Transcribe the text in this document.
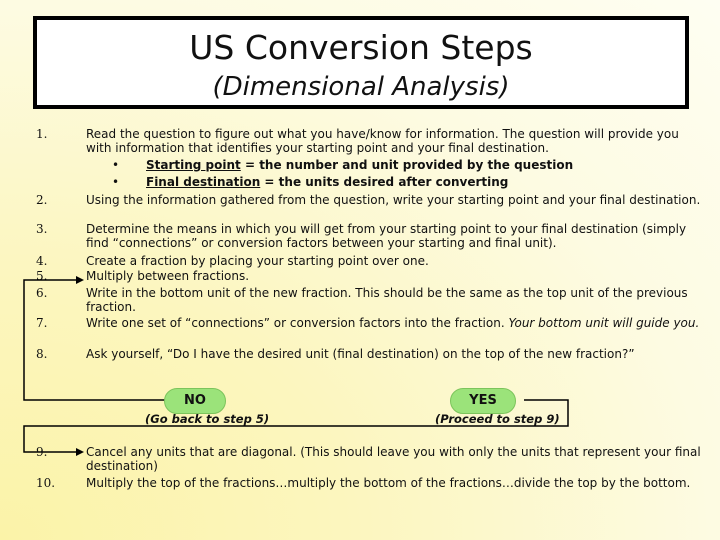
US Conversion Steps
(Dimensional Analysis)
1.	Read the question to figure out what you have/know for information. The question will provide you with information that identifies your starting point and your final destination.
• Starting point = the number and unit provided by the question
• Final destination = the units desired after converting
2.	Using the information gathered from the question, write your starting point and your final destination.
3.	Determine the means in which you will get from your starting point to your final destination (simply find “connections” or conversion factors between your starting and final unit).
4.	Create a fraction by placing your starting point over one.
5.	Multiply between fractions.
6.	Write in the bottom unit of the new fraction. This should be the same as the top unit of the previous fraction.
7.	Write one set of “connections” or conversion factors into the fraction. Your bottom unit will guide you.
8.	Ask yourself, “Do I have the desired unit (final destination) on the top of the new fraction?”
NO
(Go back to step 5)
YES
(Proceed to step 9)
9.	Cancel any units that are diagonal. (This should leave you with only the units that represent your final destination)
10.	Multiply the top of the fractions…multiply the bottom of the fractions…divide the top by the bottom.
